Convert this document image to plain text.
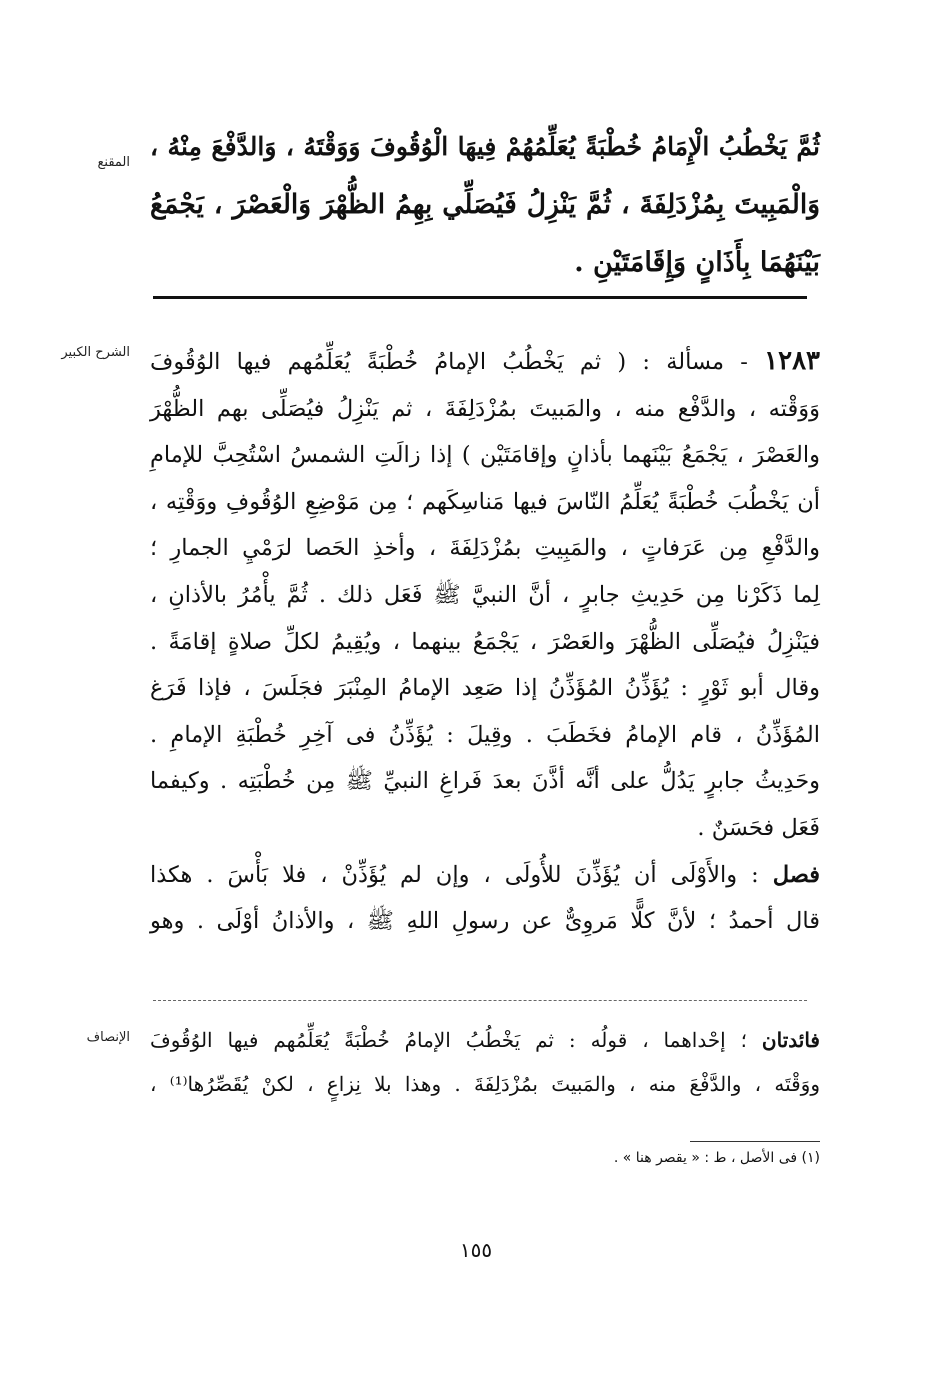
المقنع
الشرح الكبير
الإنصاف
ثُمَّ يَخْطُبُ الْإِمَامُ خُطْبَةً يُعَلِّمُهُمْ فِيهَا الْوُقُوفَ وَوَقْتَهُ ، وَالدَّفْعَ مِنْهُ ،
وَالْمَبِيتَ بِمُزْدَلِفَةَ ، ثُمَّ يَنْزِلُ فَيُصَلِّي بِهِمُ الظُّهْرَ وَالْعَصْرَ ، يَجْمَعُ
بَيْنَهُمَا بِأَذَانٍ وَإِقَامَتَيْنِ .
١٢٨٣ - مسألة : ( ثم يَخْطُبُ الإمامُ خُطْبَةً يُعَلِّمُهم فيها الوُقُوفَ
وَوَقْته ، والدَّفْع منه ، والمَبيتَ بمُزْدَلِفَةَ ، ثم يَنْزِلُ فيُصَلِّى بهم الظُّهْرَ
والعَصْرَ ، يَجْمَعُ بَيْنَهما بأذانٍ وإقامَتَيْن ) إذا زالَتِ الشمسُ اسْتُحِبَّ للإمامِ
أن يَخْطُبَ خُطْبَةً يُعَلِّمُ النّاسَ فيها مَناسِكَهم ؛ مِن مَوْضِعِ الوُقُوفِ ووَقْتِه ،
والدَّفْعِ مِن عَرَفاتٍ ، والمَبِيتِ بمُزْدَلِفَةَ ، وأخذِ الحَصا لرَمْيِ الجمارِ ؛
لِما ذَكَرْنا مِن حَدِيثِ جابرٍ ، أنَّ النبيَّ ﷺ فَعَل ذلك . ثُمَّ يأْمُرُ بالأذانِ ،
فيَنْزِلُ فيُصَلِّى الظُّهْرَ والعَصْرَ ، يَجْمَعُ بينهما ، ويُقِيمُ لكلِّ صلاةٍ إقامَةً .
وقال أبو ثَوْرٍ : يُؤَذِّنُ المُؤَذِّنُ إذا صَعِد الإمامُ المِنْبَرَ فجَلَسَ ، فإذا فَرَغ
المُؤَذِّنُ ، قام الإمامُ فخَطَبَ . وقِيلَ : يُؤَذِّنُ فى آخِرِ خُطْبَةِ الإمامِ .
وحَدِيثُ جابرٍ يَدُلُّ على أنَّه أذَّنَ بعدَ فَراغِ النبيِّ ﷺ مِن خُطْبَتِه . وكيفما
فَعَل فحَسَنٌ .
فصل : والأَوْلَى أن يُؤَذِّنَ للأُولَى ، وإن لم يُؤَذِّنْ ، فلا بَأْسَ . هكذا
قال أحمدُ ؛ لأنَّ كلًّا مَروِىٌّ عن رسولِ اللهِ ﷺ ، والأذانُ أوْلَى . وهو
فائدتان ؛ إحْداهما ، قولُه : ثم يَخْطُبُ الإمامُ خُطْبَةً يُعَلِّمُهم فيها الوُقُوفَ
ووَقْتَه ، والدَّفْعَ منه ، والمَبيتَ بمُزْدَلِفَةَ . وهذا بلا نِزاعٍ ، لكنْ يُقَصِّرُها⁽¹⁾ ،
(١) فى الأصل ، ط : « يقصر هنا » .
١٥٥
